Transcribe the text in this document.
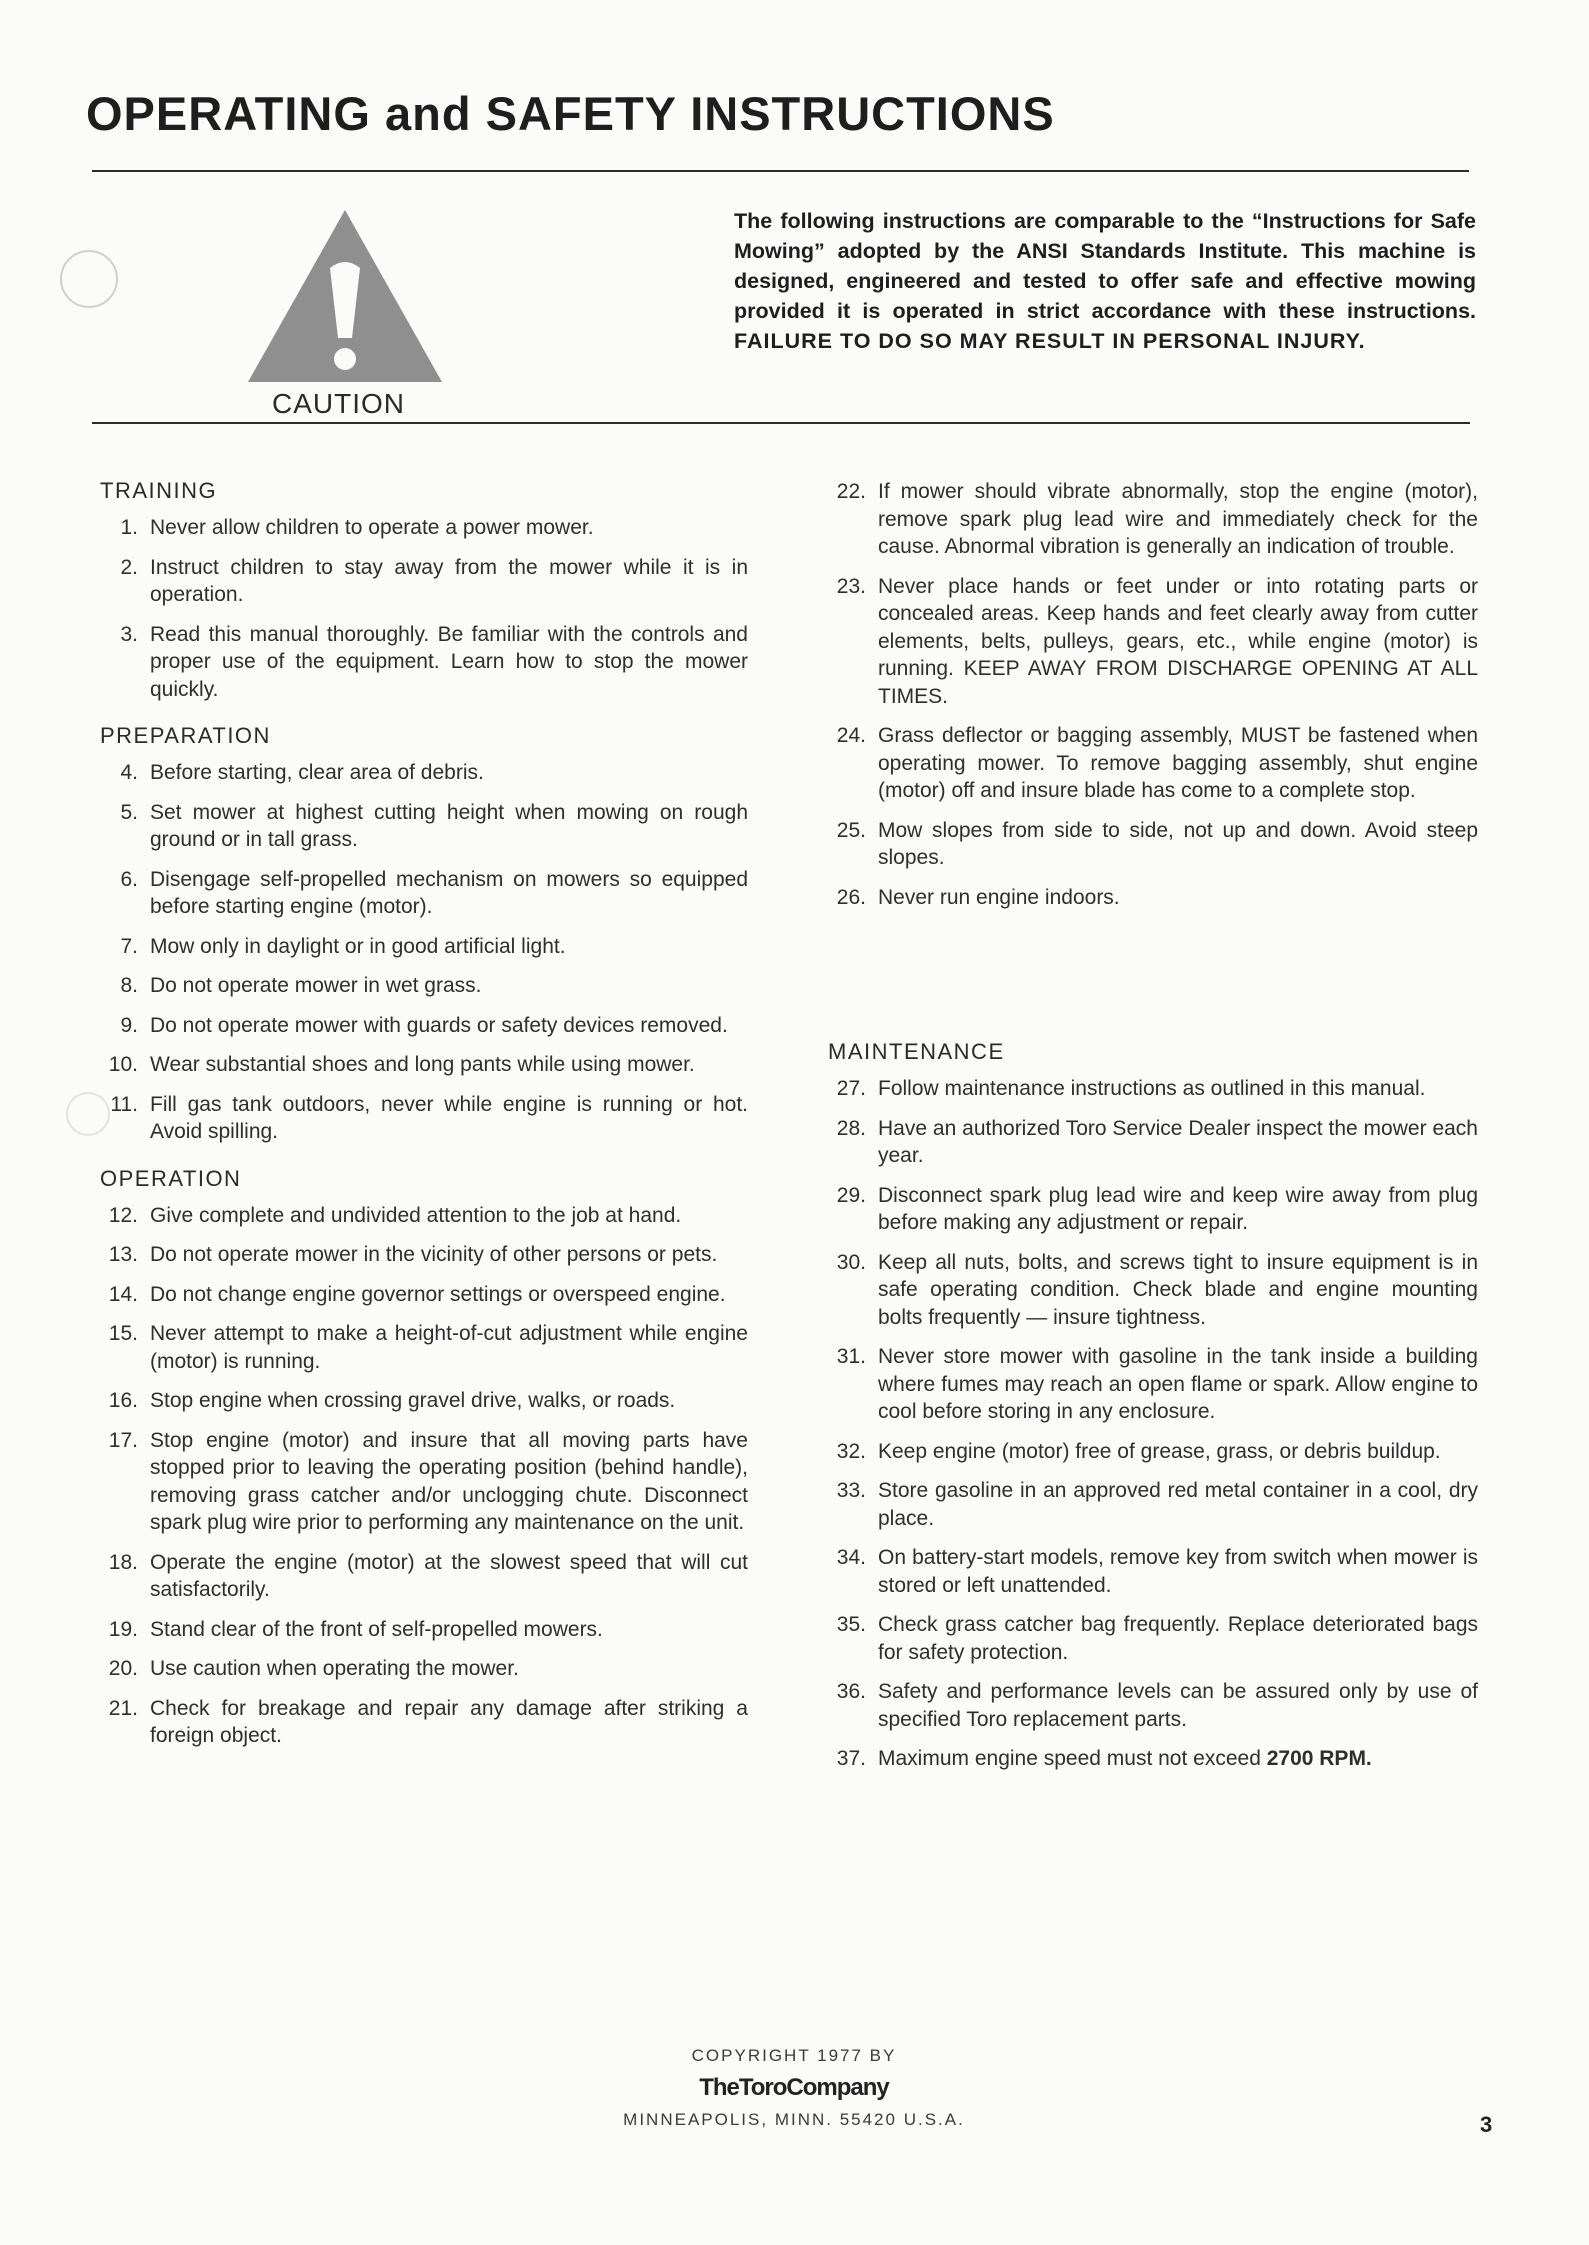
OPERATING and SAFETY INSTRUCTIONS
CAUTION
The following instructions are comparable to the “Instructions for Safe Mowing” adopted by the ANSI Standards Institute. This machine is designed, engineered and tested to offer safe and effective mowing provided it is operated in strict accordance with these instructions. FAILURE TO DO SO MAY RESULT IN PERSONAL INJURY.
TRAINING
1. Never allow children to operate a power mower.
2. Instruct children to stay away from the mower while it is in operation.
3. Read this manual thoroughly. Be familiar with the controls and proper use of the equipment. Learn how to stop the mower quickly.
PREPARATION
4. Before starting, clear area of debris.
5. Set mower at highest cutting height when mowing on rough ground or in tall grass.
6. Disengage self-propelled mechanism on mowers so equipped before starting engine (motor).
7. Mow only in daylight or in good artificial light.
8. Do not operate mower in wet grass.
9. Do not operate mower with guards or safety devices removed.
10. Wear substantial shoes and long pants while using mower.
11. Fill gas tank outdoors, never while engine is running or hot. Avoid spilling.
OPERATION
12. Give complete and undivided attention to the job at hand.
13. Do not operate mower in the vicinity of other persons or pets.
14. Do not change engine governor settings or overspeed engine.
15. Never attempt to make a height-of-cut adjustment while engine (motor) is running.
16. Stop engine when crossing gravel drive, walks, or roads.
17. Stop engine (motor) and insure that all moving parts have stopped prior to leaving the operating position (behind handle), removing grass catcher and/or unclogging chute. Disconnect spark plug wire prior to performing any maintenance on the unit.
18. Operate the engine (motor) at the slowest speed that will cut satisfactorily.
19. Stand clear of the front of self-propelled mowers.
20. Use caution when operating the mower.
21. Check for breakage and repair any damage after striking a foreign object.
22. If mower should vibrate abnormally, stop the engine (motor), remove spark plug lead wire and immediately check for the cause. Abnormal vibration is generally an indication of trouble.
23. Never place hands or feet under or into rotating parts or concealed areas. Keep hands and feet clearly away from cutter elements, belts, pulleys, gears, etc., while engine (motor) is running. KEEP AWAY FROM DISCHARGE OPENING AT ALL TIMES.
24. Grass deflector or bagging assembly, MUST be fastened when operating mower. To remove bagging assembly, shut engine (motor) off and insure blade has come to a complete stop.
25. Mow slopes from side to side, not up and down. Avoid steep slopes.
26. Never run engine indoors.
MAINTENANCE
27. Follow maintenance instructions as outlined in this manual.
28. Have an authorized Toro Service Dealer inspect the mower each year.
29. Disconnect spark plug lead wire and keep wire away from plug before making any adjustment or repair.
30. Keep all nuts, bolts, and screws tight to insure equipment is in safe operating condition. Check blade and engine mounting bolts frequently — insure tightness.
31. Never store mower with gasoline in the tank inside a building where fumes may reach an open flame or spark. Allow engine to cool before storing in any enclosure.
32. Keep engine (motor) free of grease, grass, or debris buildup.
33. Store gasoline in an approved red metal container in a cool, dry place.
34. On battery-start models, remove key from switch when mower is stored or left unattended.
35. Check grass catcher bag frequently. Replace deteriorated bags for safety protection.
36. Safety and performance levels can be assured only by use of specified Toro replacement parts.
37. Maximum engine speed must not exceed 2700 RPM.
COPYRIGHT 1977 BY
TheToroCompany
MINNEAPOLIS, MINN. 55420 U.S.A.	3
